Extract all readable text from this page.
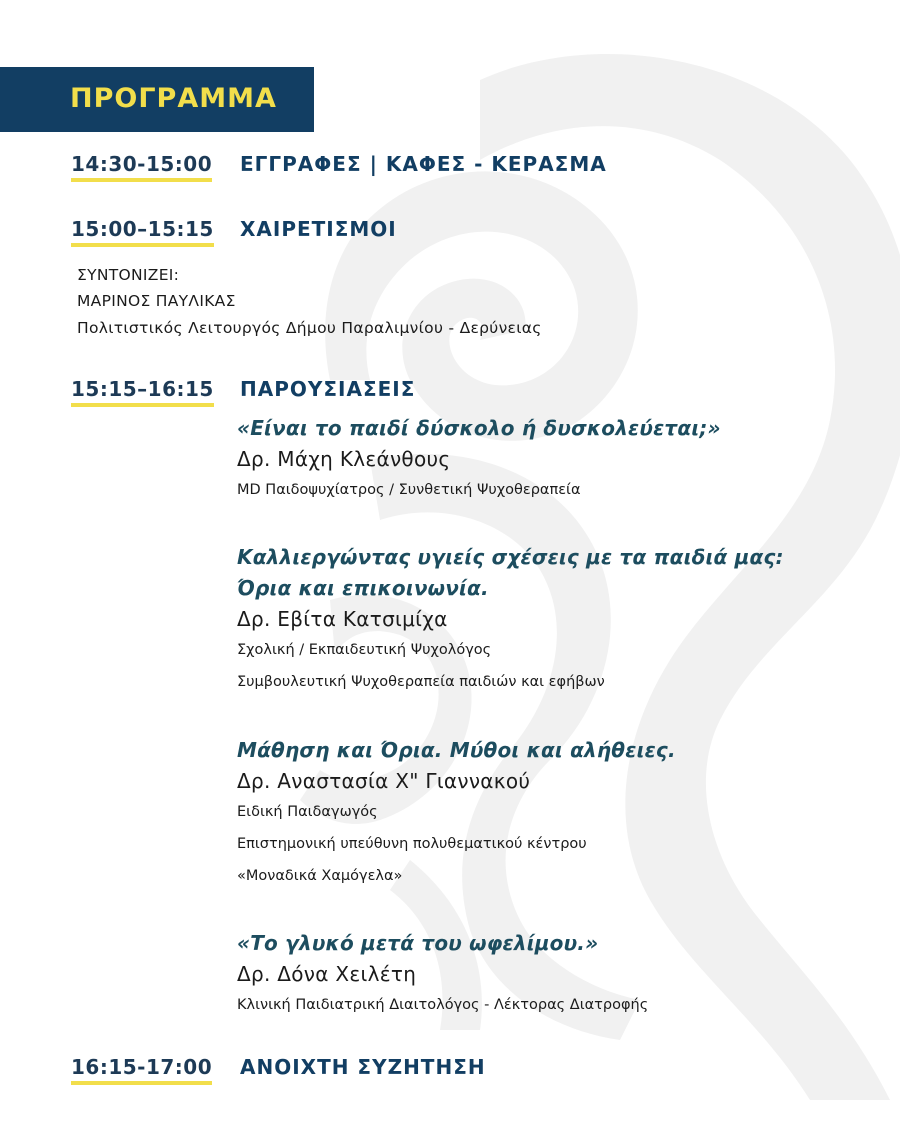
ΠΡΟΓΡΑΜΜΑ
14:30-15:00 ΕΓΓΡΑΦΕΣ | ΚΑΦΕΣ - ΚΕΡΑΣΜΑ
15:00–15:15 ΧΑΙΡΕΤΙΣΜΟΙ
ΣΥΝΤΟΝΙΖΕΙ:
ΜΑΡΙΝΟΣ ΠΑΥΛΙΚΑΣ
Πολιτιστικός Λειτουργός Δήμου Παραλιμνίου - Δερύνειας
15:15–16:15 ΠΑΡΟΥΣΙΑΣΕΙΣ
«Είναι το παιδί δύσκολο ή δυσκολεύεται;»
Δρ. Μάχη Κλεάνθους
MD Παιδοψυχίατρος / Συνθετική Ψυχοθεραπεία
Καλλιεργώντας υγιείς σχέσεις με τα παιδιά μας:
Όρια και επικοινωνία.
Δρ. Εβίτα Κατσιμίχα
Σχολική / Εκπαιδευτική Ψυχολόγος
Συμβουλευτική Ψυχοθεραπεία παιδιών και εφήβων
Μάθηση και Όρια. Μύθοι και αλήθειες.
Δρ. Αναστασία Χ" Γιαννακού
Ειδική Παιδαγωγός
Επιστημονική υπεύθυνη πολυθεματικού κέντρου
«Μοναδικά Χαμόγελα»
«Το γλυκό μετά του ωφελίμου.»
Δρ. Δόνα Χειλέτη
Κλινική Παιδιατρική Διαιτολόγος - Λέκτορας Διατροφής
16:15-17:00 ΑΝΟΙΧΤΗ ΣΥΖΗΤΗΣΗ
